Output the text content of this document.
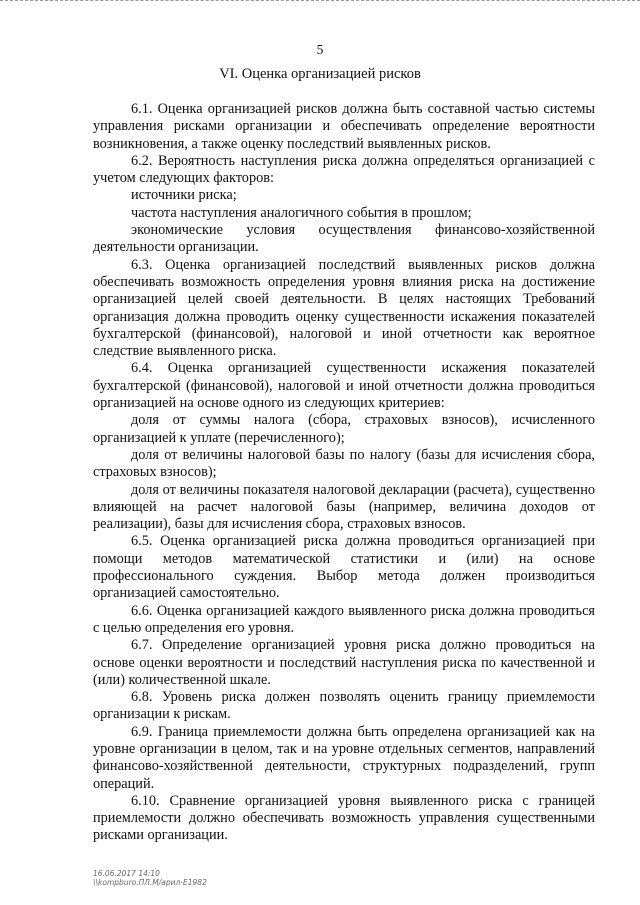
5
VI. Оценка организацией рисков

6.1. Оценка организацией рисков должна быть составной частью системы управления рисками организации и обеспечивать определение вероятности возникновения, а также оценку последствий выявленных рисков.

6.2. Вероятность наступления риска должна определяться организацией с учетом следующих факторов:

источники риска;

частота наступления аналогичного события в прошлом;

экономические условия осуществления финансово-хозяйственной деятельности организации.

6.3. Оценка организацией последствий выявленных рисков должна обеспечивать возможность определения уровня влияния риска на достижение организацией целей своей деятельности. В целях настоящих Требований организация должна проводить оценку существенности искажения показателей бухгалтерской (финансовой), налоговой и иной отчетности как вероятное следствие выявленного риска.

6.4. Оценка организацией существенности искажения показателей бухгалтерской (финансовой), налоговой и иной отчетности должна проводиться организацией на основе одного из следующих критериев:

доля от суммы налога (сбора, страховых взносов), исчисленного организацией к уплате (перечисленного);

доля от величины налоговой базы по налогу (базы для исчисления сбора, страховых взносов);

доля от величины показателя налоговой декларации (расчета), существенно влияющей на расчет налоговой базы (например, величина доходов от реализации), базы для исчисления сбора, страховых взносов.

6.5. Оценка организацией риска должна проводиться организацией при помощи методов математической статистики и (или) на основе профессионального суждения. Выбор метода должен производиться организацией самостоятельно.

6.6. Оценка организацией каждого выявленного риска должна проводиться с целью определения его уровня.

6.7. Определение организацией уровня риска должно проводиться на основе оценки вероятности и последствий наступления риска по качественной и (или) количественной шкале.

6.8. Уровень риска должен позволять оценить границу приемлемости организации к рискам.

6.9. Граница приемлемости должна быть определена организацией как на уровне организации в целом, так и на уровне отдельных сегментов, направлений финансово-хозяйственной деятельности, структурных подразделений, групп операций.

6.10. Сравнение организацией уровня выявленного риска с границей приемлемости должно обеспечивать возможность управления существенными рисками организации.

16.06.2017 14:10
\\kompburo.ПЛ.М/арил-Е1982
